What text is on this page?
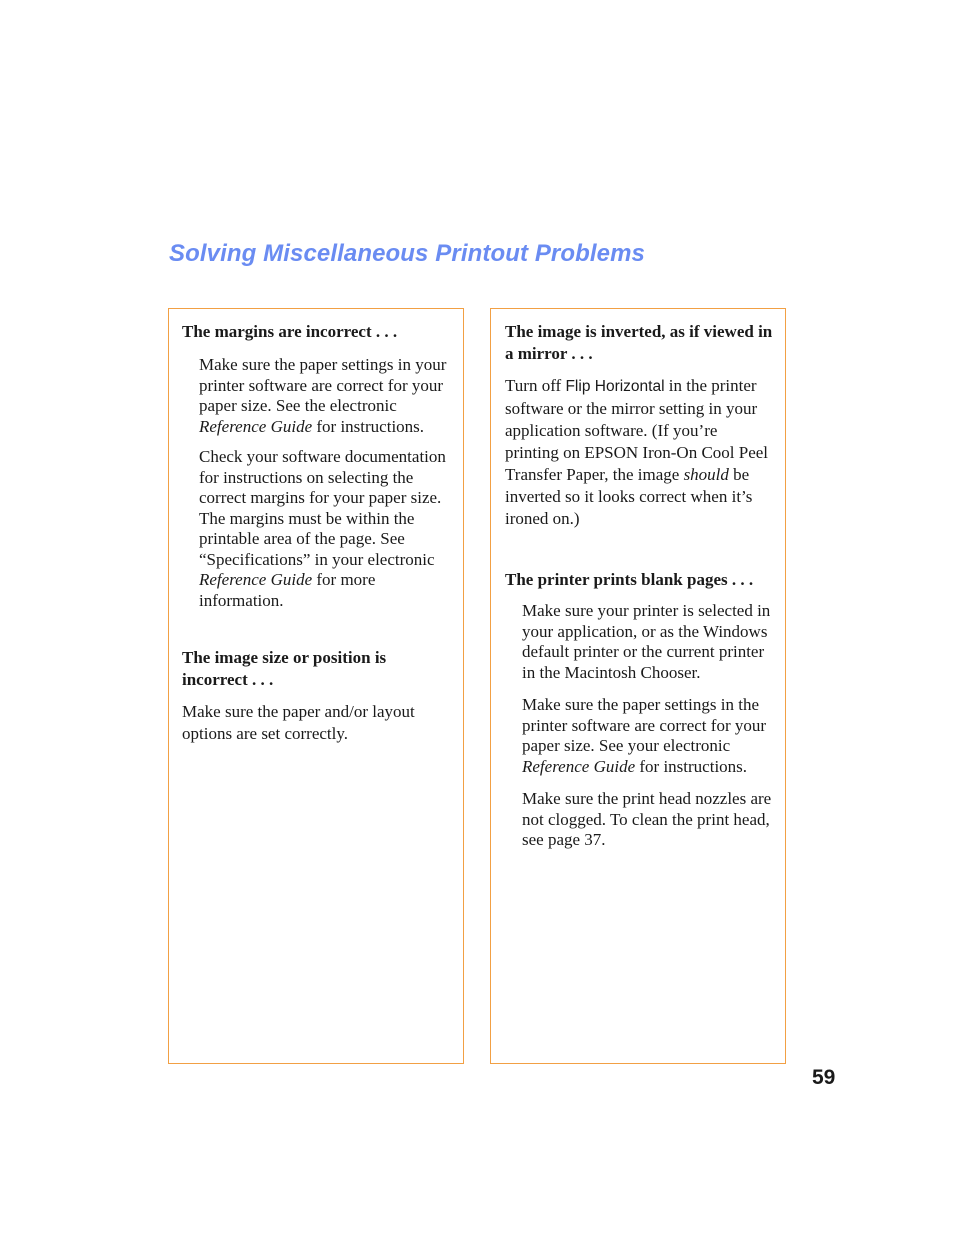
Solving Miscellaneous Printout Problems
The margins are incorrect . . .

Make sure the paper settings in your printer software are correct for your paper size. See the electronic Reference Guide for instructions.

Check your software documentation for instructions on selecting the correct margins for your paper size. The margins must be within the printable area of the page. See “Specifications” in your electronic Reference Guide for more information.

The image size or position is incorrect . . .

Make sure the paper and/or layout options are set correctly.

The image is inverted, as if viewed in a mirror . . .

Turn off Flip Horizontal in the printer software or the mirror setting in your application software. (If you’re printing on EPSON Iron-On Cool Peel Transfer Paper, the image should be inverted so it looks correct when it’s ironed on.)

The printer prints blank pages . . .

Make sure your printer is selected in your application, or as the Windows default printer or the current printer in the Macintosh Chooser.

Make sure the paper settings in the printer software are correct for your paper size. See your electronic Reference Guide for instructions.

Make sure the print head nozzles are not clogged. To clean the print head, see page 37.

59
